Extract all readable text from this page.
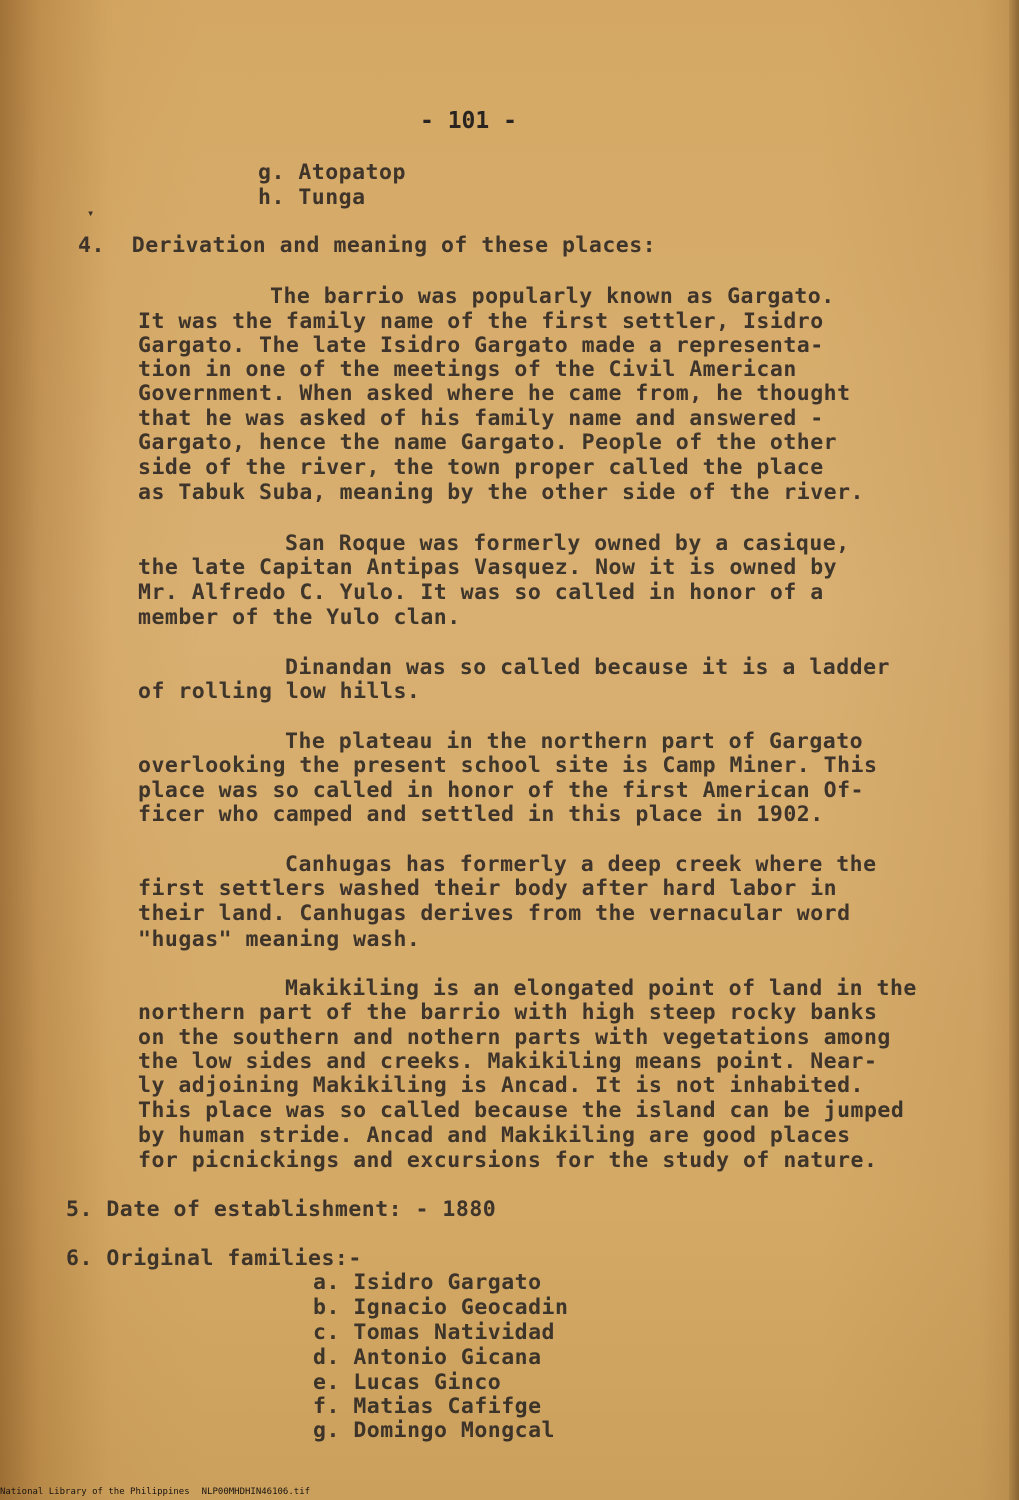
- 101 -
g. Atopatop
h. Tunga
▾
4.  Derivation and meaning of these places:
The barrio was popularly known as Gargato.
It was the family name of the first settler, Isidro
Gargato. The late Isidro Gargato made a representa-
tion in one of the meetings of the Civil American
Government. When asked where he came from, he thought
that he was asked of his family name and answered -
Gargato, hence the name Gargato. People of the other
side of the river, the town proper called the place
as Tabuk Suba, meaning by the other side of the river.
San Roque was formerly owned by a casique,
the late Capitan Antipas Vasquez. Now it is owned by
Mr. Alfredo C. Yulo. It was so called in honor of a
member of the Yulo clan.
Dinandan was so called because it is a ladder
of rolling low hills.
The plateau in the northern part of Gargato
overlooking the present school site is Camp Miner. This
place was so called in honor of the first American Of-
ficer who camped and settled in this place in 1902.
Canhugas has formerly a deep creek where the
first settlers washed their body after hard labor in
their land. Canhugas derives from the vernacular word
"hugas" meaning wash.
Makikiling is an elongated point of land in the
northern part of the barrio with high steep rocky banks
on the southern and nothern parts with vegetations among
the low sides and creeks. Makikiling means point. Near-
ly adjoining Makikiling is Ancad. It is not inhabited.
This place was so called because the island can be jumped
by human stride. Ancad and Makikiling are good places
for picnickings and excursions for the study of nature.
5. Date of establishment: - 1880
6. Original families:-
a. Isidro Gargato
b. Ignacio Geocadin
c. Tomas Natividad
d. Antonio Gicana
e. Lucas Ginco
f. Matias Cafifge
g. Domingo Mongcal
National Library of the Philippines NLP00MHDHIN46106.tif
